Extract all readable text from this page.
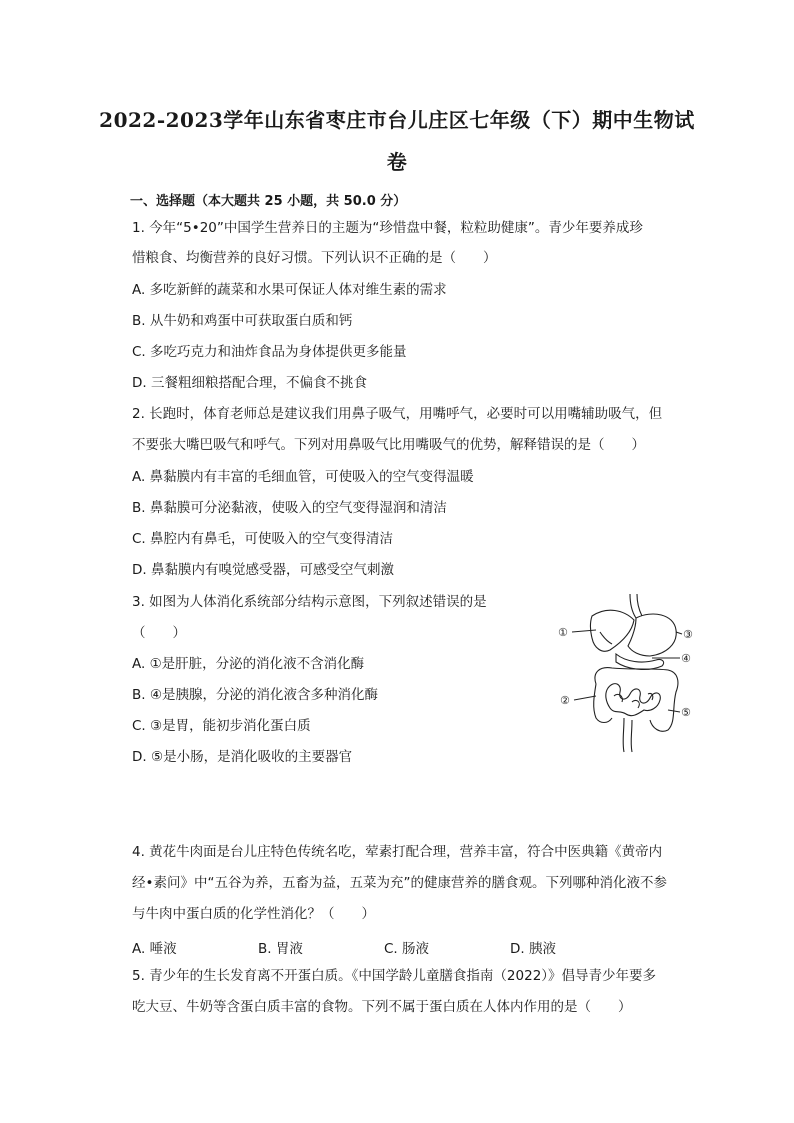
2022-2023学年山东省枣庄市台儿庄区七年级（下）期中生物试
卷
一、选择题（本大题共 25 小题，共 50.0 分）
1. 今年“5•20”中国学生营养日的主题为“珍惜盘中餐，粒粒助健康”。青少年要养成珍
惜粮食、均衡营养的良好习惯。下列认识不正确的是（　　）
A. 多吃新鲜的蔬菜和水果可保证人体对维生素的需求
B. 从牛奶和鸡蛋中可获取蛋白质和钙
C. 多吃巧克力和油炸食品为身体提供更多能量
D. 三餐粗细粮搭配合理，不偏食不挑食
2. 长跑时，体育老师总是建议我们用鼻子吸气，用嘴呼气，必要时可以用嘴辅助吸气，但
不要张大嘴巴吸气和呼气。下列对用鼻吸气比用嘴吸气的优势，解释错误的是（　　）
A. 鼻黏膜内有丰富的毛细血管，可使吸入的空气变得温暖
B. 鼻黏膜可分泌黏液，使吸入的空气变得湿润和清洁
C. 鼻腔内有鼻毛，可使吸入的空气变得清洁
D. 鼻黏膜内有嗅觉感受器，可感受空气刺激
3. 如图为人体消化系统部分结构示意图，下列叙述错误的是
（　　）
A. ①是肝脏，分泌的消化液不含消化酶
B. ④是胰腺，分泌的消化液含多种消化酶
C. ③是胃，能初步消化蛋白质
D. ⑤是小肠，是消化吸收的主要器官
①
②
③
④
⑤
4. 黄花牛肉面是台儿庄特色传统名吃，荤素打配合理，营养丰富，符合中医典籍《黄帝内
经•素问》中“五谷为养，五畜为益，五菜为充”的健康营养的膳食观。下列哪种消化液不参
与牛肉中蛋白质的化学性消化？（　　）
A. 唾液	B. 胃液	C. 肠液	D. 胰液
5. 青少年的生长发育离不开蛋白质。《中国学龄儿童膳食指南（2022）》倡导青少年要多
吃大豆、牛奶等含蛋白质丰富的食物。下列不属于蛋白质在人体内作用的是（　　）
